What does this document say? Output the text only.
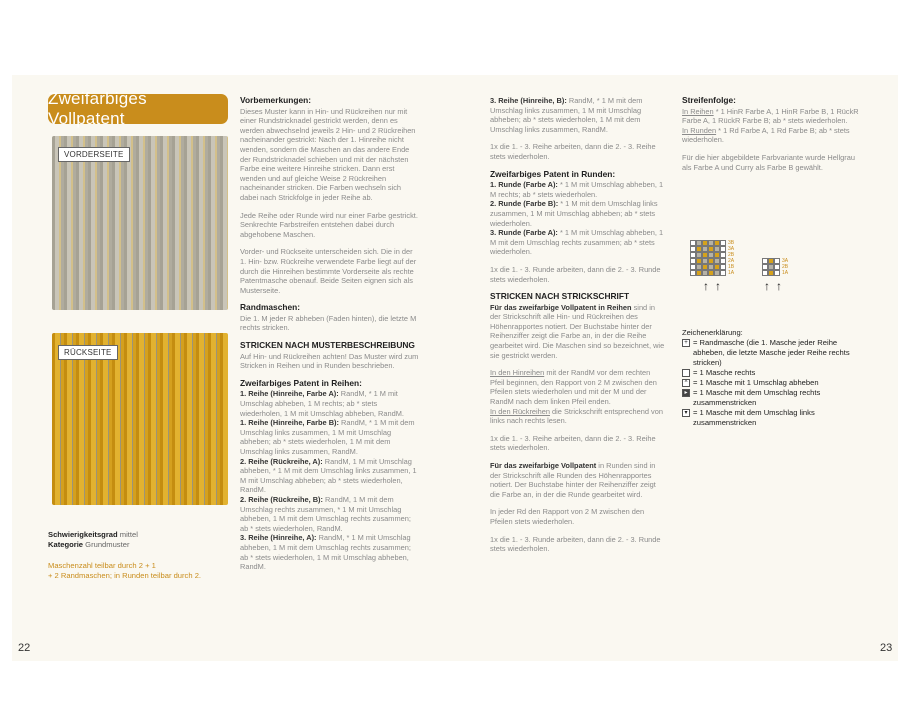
Zweifarbiges Vollpatent
VORDERSEITE
RÜCKSEITE
Schwierigkeitsgrad mittel
Kategorie Grundmuster
Maschenzahl teilbar durch 2 + 1
+ 2 Randmaschen; in Runden teilbar durch 2.
22
Vorbemerkungen:

Dieses Muster kann in Hin- und Rückreihen nur mit einer Rundstricknadel gestrickt werden, denn es werden abwechselnd jeweils 2 Hin- und 2 Rückreihen nacheinander gestrickt: Nach der 1. Hinreihe nicht wenden, sondern die Maschen an das andere Ende der Rundstricknadel schieben und mit der nächsten Farbe eine weitere Hinreihe stricken. Dann erst wenden und auf gleiche Weise 2 Rückreihen nacheinander stricken. Die Farben wechseln sich dabei nach Strickfolge in jeder Reihe ab.

Jede Reihe oder Runde wird nur einer Farbe gestrickt. Senkrechte Farbstreifen entstehen dabei durch abgehobene Maschen.

Vorder- und Rückseite unterscheiden sich. Die in der 1. Hin- bzw. Rückreihe verwendete Farbe liegt auf der durch die Hinreihen bestimmte Vorderseite als rechte Patentmasche obenauf. Beide Seiten eignen sich als Musterseite.

Randmaschen:

Die 1. M jeder R abheben (Faden hinten), die letzte M rechts stricken.

STRICKEN NACH MUSTERBESCHREIBUNG

Auf Hin- und Rückreihen achten! Das Muster wird zum Stricken in Reihen und in Runden beschrieben.

Zweifarbiges Patent in Reihen:
1. Reihe (Hinreihe, Farbe A): RandM, * 1 M mit Umschlag abheben, 1 M rechts; ab * stets wiederholen, 1 M mit Umschlag abheben, RandM.
1. Reihe (Hinreihe, Farbe B): RandM, * 1 M mit dem Umschlag links zusammen, 1 M mit Umschlag abheben; ab * stets wiederholen, 1 M mit dem Umschlag links zusammen, RandM.
2. Reihe (Rückreihe, A): RandM, 1 M mit Umschlag abheben, * 1 M mit dem Umschlag links zusammen, 1 M mit Umschlag abheben; ab * stets wiederholen, RandM.
2. Reihe (Rückreihe, B): RandM, 1 M mit dem Umschlag rechts zusammen, * 1 M mit Umschlag abheben, 1 M mit dem Umschlag rechts zusammen; ab * stets wiederholen, RandM.
3. Reihe (Hinreihe, A): RandM, * 1 M mit Umschlag abheben, 1 M mit dem Umschlag rechts zusammen; ab * stets wiederholen, 1 M mit Umschlag abheben, RandM.
3. Reihe (Hinreihe, B): RandM, * 1 M mit dem Umschlag links zusammen, 1 M mit Umschlag abheben; ab * stets wiederholen, 1 M mit dem Umschlag links zusammen, RandM.

1x die 1. - 3. Reihe arbeiten, dann die 2. - 3. Reihe stets wiederholen.

Zweifarbiges Patent in Runden:
1. Runde (Farbe A): * 1 M mit Umschlag abheben, 1 M rechts; ab * stets wiederholen.
2. Runde (Farbe B): * 1 M mit dem Umschlag links zusammen, 1 M mit Umschlag abheben; ab * stets wiederholen.
3. Runde (Farbe A): * 1 M mit Umschlag abheben, 1 M mit dem Umschlag rechts zusammen; ab * stets wiederholen.

1x die 1. - 3. Runde arbeiten, dann die 2. - 3. Runde stets wiederholen.

STRICKEN NACH STRICKSCHRIFT

Für das zweifarbige Vollpatent in Reihen sind in der Strickschrift alle Hin- und Rückreihen des Höhenrapportes notiert. Der Buchstabe hinter der Reihenziffer zeigt die Farbe an, in der die Reihe gearbeitet wird. Die Maschen sind so bezeichnet, wie sie gestrickt werden.

In den Hinreihen mit der RandM vor dem rechten Pfeil beginnen, den Rapport von 2 M zwischen den Pfeilen stets wiederholen und mit der M und der RandM nach dem linken Pfeil enden.

In den Rückreihen die Strickschrift entsprechend von links nach rechts lesen.

1x die 1. - 3. Reihe arbeiten, dann die 2. - 3. Reihe stets wiederholen.

Für das zweifarbige Vollpatent in Runden sind in der Strickschrift alle Runden des Höhenrapportes notiert. Der Buchstabe hinter der Reihenziffer zeigt die Farbe an, in der die Runde gearbeitet wird.

In jeder Rd den Rapport von 2 M zwischen den Pfeilen stets wiederholen.

1x die 1. - 3. Runde arbeiten, dann die 2. - 3. Runde stets wiederholen.

Streifenfolge:
In Reihen * 1 HinR Farbe A, 1 HinR Farbe B, 1 RückR Farbe A, 1 RückR Farbe B; ab * stets wiederholen.

In Runden * 1 Rd Farbe A, 1 Rd Farbe B; ab * stets wiederholen.

Für die hier abgebildete Farbvariante wurde Hellgrau als Farbe A und Curry als Farbe B gewählt.

3B
3A
2B
2A
1B
1A
3A
2B
1A
↑ ↑	↑ ↑
Zeichenerklärung:
+ = Randmasche (die 1. Masche jeder Reihe abheben, die letzte Masche jeder Reihe rechts stricken)
= 1 Masche rechts
^ = 1 Masche mit 1 Umschlag abheben
▸ = 1 Masche mit dem Umschlag rechts zusammenstricken
▾ = 1 Masche mit dem Umschlag links zusammenstricken
23
